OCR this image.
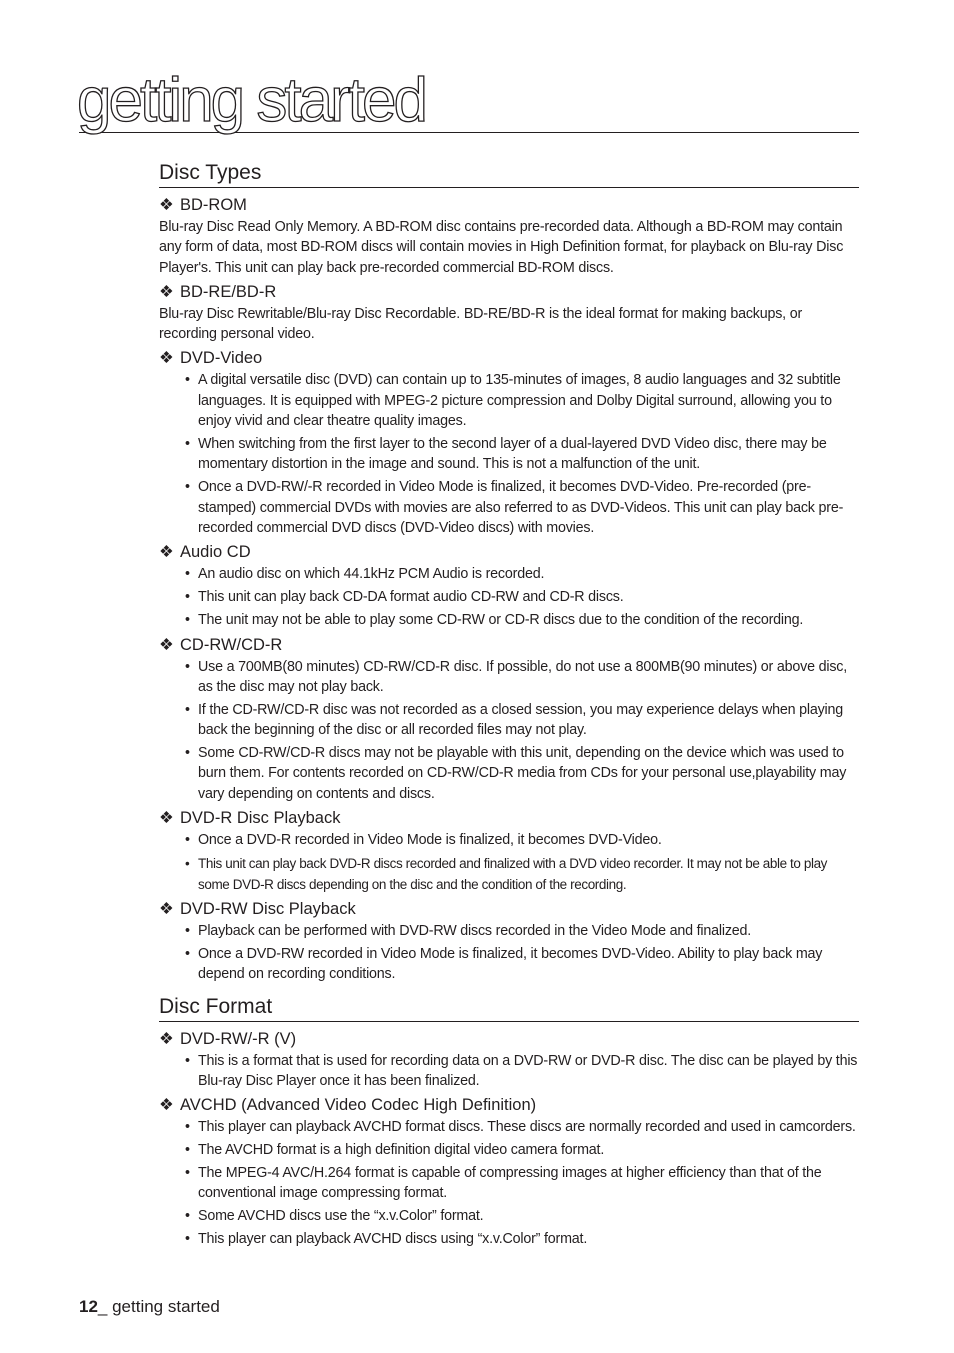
getting started
Disc Types
❖ BD-ROM
Blu-ray Disc Read Only Memory. A BD-ROM disc contains pre-recorded data. Although a BD-ROM may contain any form of data, most BD-ROM discs will contain movies in High Definition format, for playback on Blu-ray Disc Player's. This unit can play back pre-recorded commercial BD-ROM discs.
❖ BD-RE/BD-R
Blu-ray Disc Rewritable/Blu-ray Disc Recordable. BD-RE/BD-R is the ideal format for making backups, or recording personal video.
❖ DVD-Video
• A digital versatile disc (DVD) can contain up to 135-minutes of images, 8 audio languages and 32 subtitle languages. It is equipped with MPEG-2 picture compression and Dolby Digital surround, allowing you to enjoy vivid and clear theatre quality images.
• When switching from the first layer to the second layer of a dual-layered DVD Video disc, there may be momentary distortion in the image and sound. This is not a malfunction of the unit.
• Once a DVD-RW/-R recorded in Video Mode is finalized, it becomes DVD-Video. Pre-recorded (pre-stamped) commercial DVDs with movies are also referred to as DVD-Videos. This unit can play back pre-recorded commercial DVD discs (DVD-Video discs) with movies.
❖ Audio CD
• An audio disc on which 44.1kHz PCM Audio is recorded.
• This unit can play back CD-DA format audio CD-RW and CD-R discs.
• The unit may not be able to play some CD-RW or CD-R discs due to the condition of the recording.
❖ CD-RW/CD-R
• Use a 700MB(80 minutes) CD-RW/CD-R disc. If possible, do not use a 800MB(90 minutes) or above disc, as the disc may not play back.
• If the CD-RW/CD-R disc was not recorded as a closed session, you may experience delays when playing back the beginning of the disc or all recorded files may not play.
• Some CD-RW/CD-R discs may not be playable with this unit, depending on the device which was used to burn them. For contents recorded on CD-RW/CD-R media from CDs for your personal use,playability may vary depending on contents and discs.
❖ DVD-R Disc Playback
• Once a DVD-R recorded in Video Mode is finalized, it becomes DVD-Video.
• This unit can play back DVD-R discs recorded and finalized with a DVD video recorder. It may not be able to play some DVD-R discs depending on the disc and the condition of the recording.
❖ DVD-RW Disc Playback
• Playback can be performed with DVD-RW discs recorded in the Video Mode and finalized.
• Once a DVD-RW recorded in Video Mode is finalized, it becomes DVD-Video. Ability to play back may depend on recording conditions.
Disc Format
❖ DVD-RW/-R (V)
• This is a format that is used for recording data on a DVD-RW or DVD-R disc. The disc can be played by this Blu-ray Disc Player once it has been finalized.
❖ AVCHD (Advanced Video Codec High Definition)
• This player can playback AVCHD format discs. These discs are normally recorded and used in camcorders.
• The AVCHD format is a high definition digital video camera format.
• The MPEG-4 AVC/H.264 format is capable of compressing images at higher efficiency than that of the conventional image compressing format.
• Some AVCHD discs use the “x.v.Color” format.
• This player can playback AVCHD discs using “x.v.Color” format.
12_ getting started
